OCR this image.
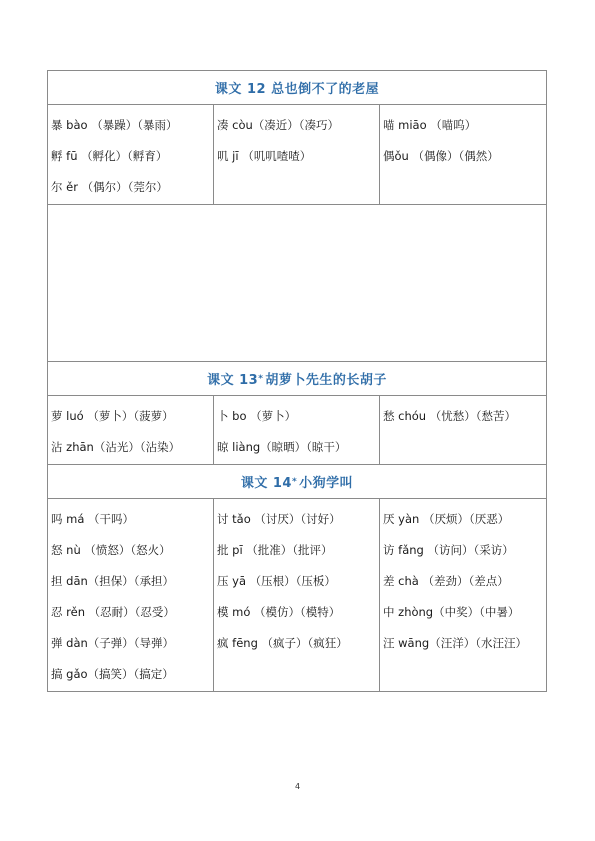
课文 12 总也倒不了的老屋
暴 bào （暴躁）（暴雨）
孵 fū （孵化）（孵育）
尔 ěr （偶尔）（莞尔）
凑 còu（凑近）（凑巧）
叽 jī （叽叽喳喳）
喵 miāo （喵呜）
偶ǒu （偶像）（偶然）
课文 13 * 胡萝卜先生的长胡子
萝 luó （萝卜）（菠萝）
沾 zhān（沾光）（沾染）
卜 bo （萝卜）
晾 liàng（晾晒）（晾干）
愁 chóu （忧愁）（愁苦）
课文 14 * 小狗学叫
吗 má （干吗）
怒 nù （愤怒）（怒火）
担 dān（担保）（承担）
忍 rěn （忍耐）（忍受）
弹 dàn（子弹）（导弹）
搞 gǎo（搞笑）（搞定）
讨 tǎo （讨厌）（讨好）
批 pī （批准）（批评）
压 yā （压根）（压板）
模 mó （模仿）（模特）
疯 fēng （疯子）（疯狂）
厌 yàn （厌烦）（厌恶）
访 fǎng （访问）（采访）
差 chà （差劲）（差点）
中 zhòng（中奖）（中暑）
汪 wāng（汪洋）（水汪汪）
4
